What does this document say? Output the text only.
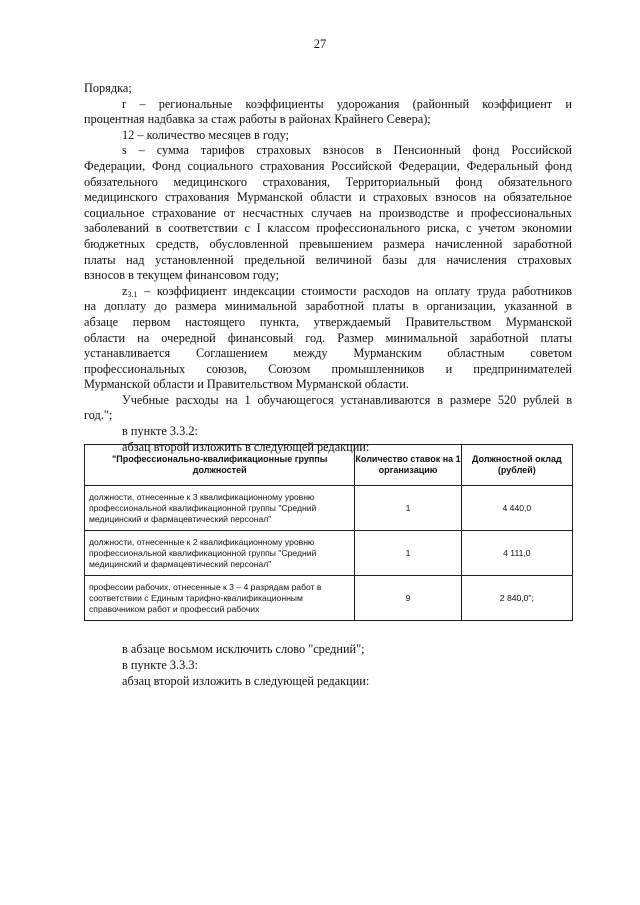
27

Порядка;

r – региональные коэффициенты удорожания (районный коэффициент и

процентная надбавка за стаж работы в районах Крайнего Севера);

12 – количество месяцев в году;

s – сумма тарифов страховых взносов в Пенсионный фонд Российской

Федерации, Фонд социального страхования Российской Федерации, Федеральный фонд

обязательного медицинского страхования, Территориальный фонд обязательного

медицинского страхования Мурманской области и страховых взносов на обязательное

социальное страхование от несчастных случаев на производстве и профессиональных

заболеваний в соответствии с I классом профессионального риска, с учетом экономии

бюджетных средств, обусловленной превышением размера начисленной заработной

платы над установленной предельной величиной базы для начисления страховых

взносов в текущем финансовом году;

$z_{3.1}$ – коэффициент индексации стоимости расходов на оплату труда работников

на доплату до размера минимальной заработной платы в организации, указанной в

абзаце первом настоящего пункта, утверждаемый Правительством Мурманской

области на очередной финансовый год. Размер минимальной заработной платы

устанавливается Соглашением между Мурманским областным советом

профессиональных союзов, Союзом промышленников и предпринимателей

Мурманской области и Правительством Мурманской области.

Учебные расходы на 1 обучающегося устанавливаются в размере 520 рублей в

год.";

в пункте 3.3.2:

абзац второй изложить в следующей редакции:

"Профессионально-квалификационные группы должностей	Количество ставок на 1 организацию	Должностной оклад (рублей)
должности, отнесенные к 3 квалификационному уровню профессиональной квалификационной группы "Средний медицинский и фармацевтический персонал"	1	4 440,0
должности, отнесенные к 2 квалификационному уровню профессиональной квалификационной группы "Средний медицинский и фармацевтический персонал"	1	4 111,0
профессии рабочих, отнесенные к 3 – 4 разрядам работ в соответствии с Единым тарифно-квалификационным справочником работ и профессий рабочих	9	2 840,0";

в абзаце восьмом исключить слово "средний";

в пункте 3.3.3:

абзац второй изложить в следующей редакции:
